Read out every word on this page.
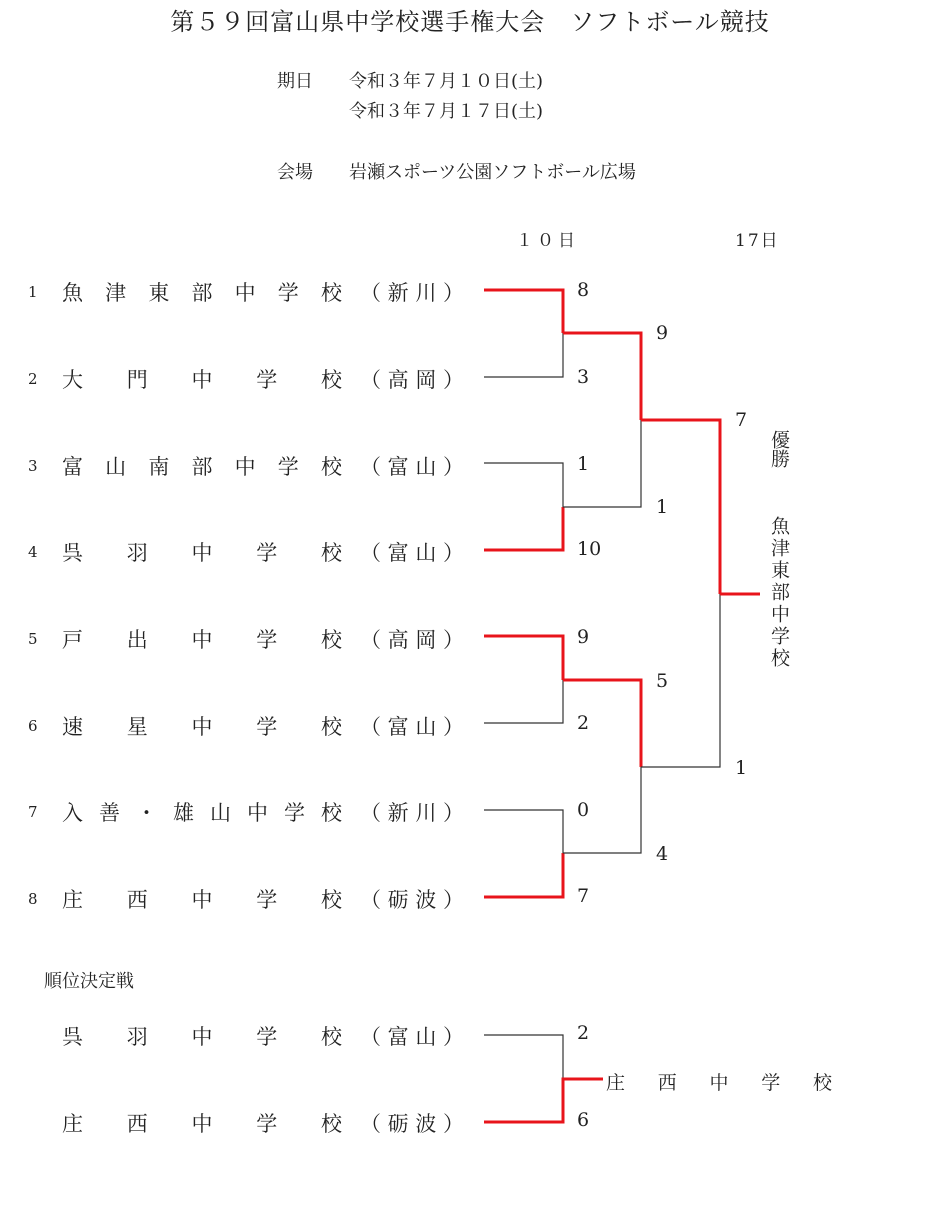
第５９回富山県中学校選手権大会　ソフトボール競技
期日 令和３年７月１０日(土)
令和３年７月１７日(土)
会場 岩瀬スポーツ公園ソフトボール広場
１０日	17日
1 魚 津 東 部 中 学 校 （ 新 川 ）	8
2 大 門 中 学 校 （ 高 岡 ）	3
3 富 山 南 部 中 学 校 （ 富 山 ）	1
4 呉 羽 中 学 校 （ 富 山 ）	10
5 戸 出 中 学 校 （ 高 岡 ）	9
6 速 星 中 学 校 （ 富 山 ）	2
7 入 善 ・ 雄 山 中 学 校 （ 新 川 ）	0
8 庄 西 中 学 校 （ 砺 波 ）	7
9
1
5
4
7
1
優勝
魚津東部中学校
順位決定戦
呉 羽 中 学 校 （ 富 山 ）	2
庄 西 中 学 校 （ 砺 波 ）	6
庄 西 中 学 校
